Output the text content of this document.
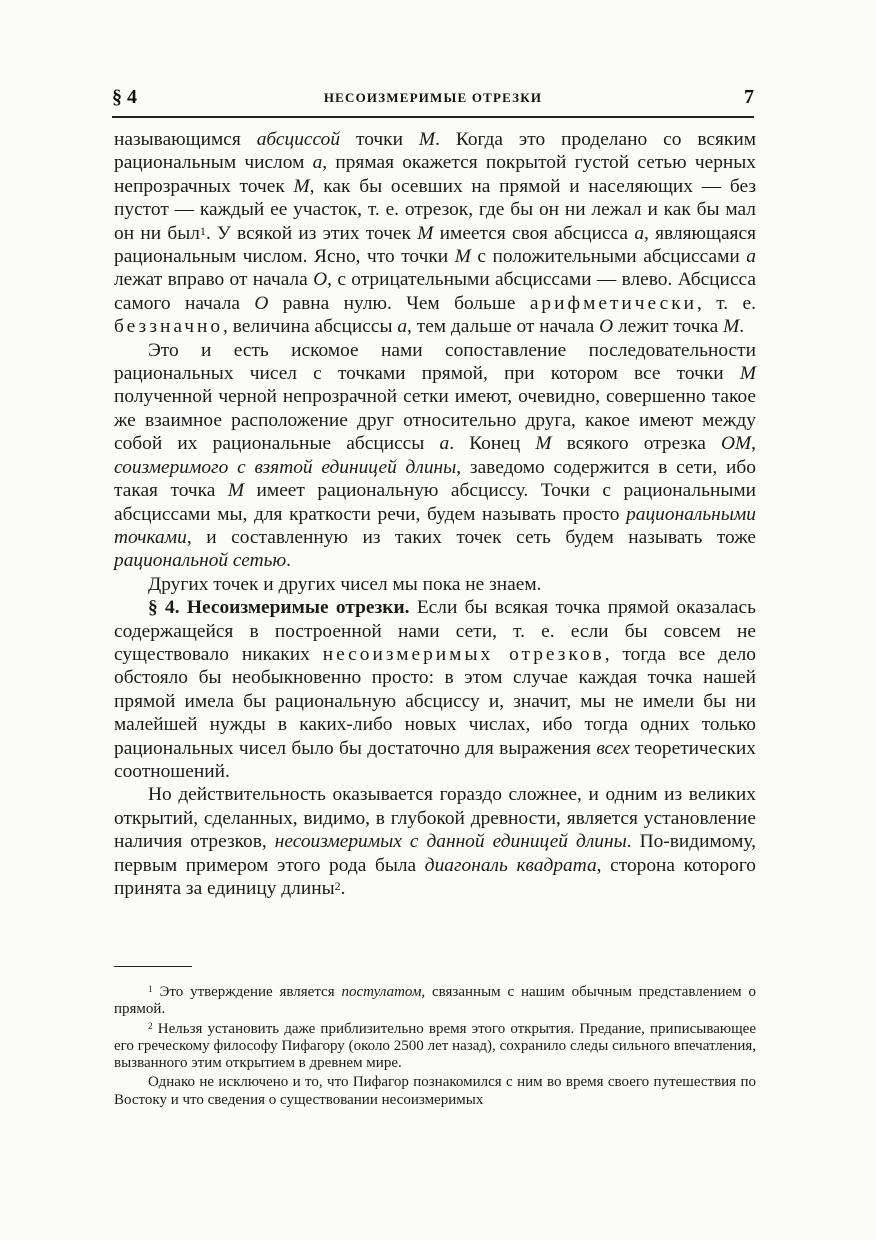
§ 4	НЕСОИЗМЕРИМЫЕ ОТРЕЗКИ	7

называющимся абсциссой точки М. Когда это проделано со всяким рациональным числом а, прямая окажется покрытой густой сетью черных непрозрачных точек М, как бы осевших на прямой и населяющих — без пустот — каждый ее участок, т. е. отрезок, где бы он ни лежал и как бы мал он ни был$^1$. У всякой из этих точек М имеется своя абсцисса а, являющаяся рациональным числом. Ясно, что точки М с положительными абсциссами а лежат вправо от начала О, с отрицательными абсциссами — влево. Абсцисса самого начала О равна нулю. Чем больше арифметически, т. е. беззначно, величина абсциссы а, тем дальше от начала О лежит точка М.

Это и есть искомое нами сопоставление последовательности рациональных чисел с точками прямой, при котором все точки М полученной черной непрозрачной сетки имеют, очевидно, совершенно такое же взаимное расположение друг относительно друга, какое имеют между собой их рациональные абсциссы а. Конец М всякого отрезка ОМ, соизмеримого с взятой единицей длины, заведомо содержится в сети, ибо такая точка М имеет рациональную абсциссу. Точки с рациональными абсциссами мы, для краткости речи, будем называть просто рациональными точками, и составленную из таких точек сеть будем называть тоже рациональной сетью.

Других точек и других чисел мы пока не знаем.

§ 4. Несоизмеримые отрезки. Если бы всякая точка прямой оказалась содержащейся в построенной нами сети, т. е. если бы совсем не существовало никаких несоизмеримых отрезков, тогда все дело обстояло бы необыкновенно просто: в этом случае каждая точка нашей прямой имела бы рациональную абсциссу и, значит, мы не имели бы ни малейшей нужды в каких-либо новых числах, ибо тогда одних только рациональных чисел было бы достаточно для выражения всех теоретических соотношений.

Но действительность оказывается гораздо сложнее, и одним из великих открытий, сделанных, видимо, в глубокой древности, является установление наличия отрезков, несоизмеримых с данной единицей длины. По-видимому, первым примером этого рода была диагональ квадрата, сторона которого принята за единицу длины$^2$.

$^1$ Это утверждение является постулатом, связанным с нашим обычным представлением о прямой.

$^2$ Нельзя установить даже приблизительно время этого открытия. Предание, приписывающее его греческому философу Пифагору (около 2500 лет назад), сохранило следы сильного впечатления, вызванного этим открытием в древнем мире.

Однако не исключено и то, что Пифагор познакомился с ним во время своего путешествия по Востоку и что сведения о существовании несоизмеримых
